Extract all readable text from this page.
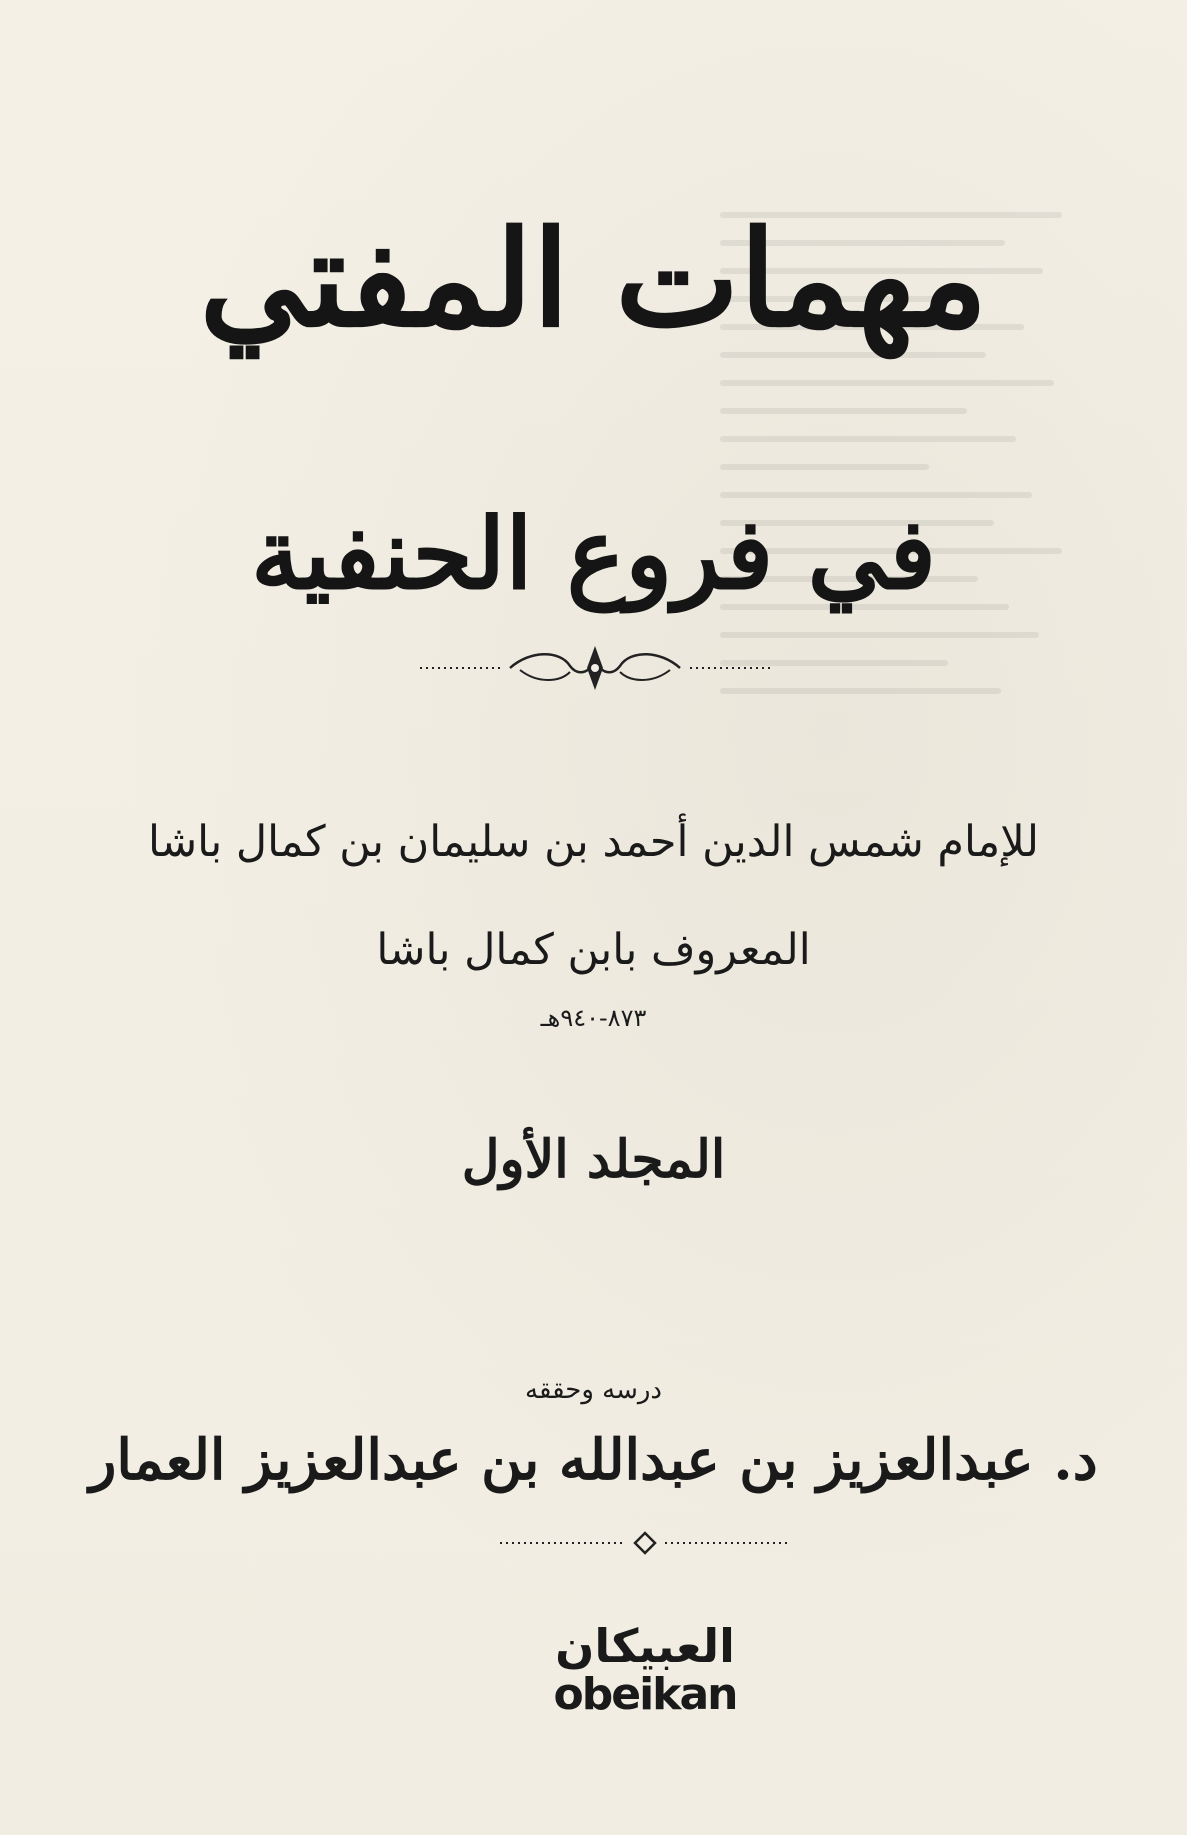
مهمات المفتي
في فروع الحنفية
للإمام شمس الدين أحمد بن سليمان بن كمال باشا
المعروف بابن كمال باشا
٨٧٣-٩٤٠هـ
المجلد الأول
درسه وحققه
د. عبدالعزيز بن عبدالله بن عبدالعزيز العمار
العبيكان
obeikan
